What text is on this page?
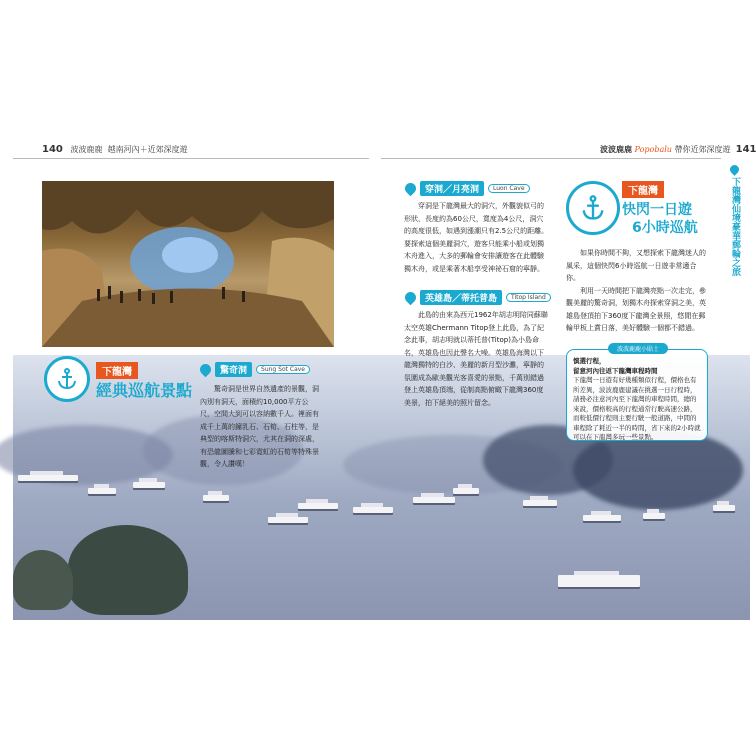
140 波波鹿鹿 越南河內＋近郊深度遊	波波鹿鹿 Popobalu 帶你近郊深度遊 141
下龍灣
經典巡航景點
驚奇洞	Sung Sot Cave

驚奇洞是世界自然遺產的景觀，洞內別有洞天，面積約10,000平方公尺，空間大到可以容納數千人。裡面有成千上萬的鐘乳石、石筍、石柱等，是典型的喀斯特洞穴，尤其在洞的深處，有恐龍圖騰和七彩霓虹的石筍等特殊景觀，令人讚嘆！

穿洞／月亮洞	Luon Cave

穿洞是下龍灣最大的洞穴，外觀貌似弓的形狀，長度約為60公尺，寬度為4公尺，洞穴的高度很低，如遇到漲潮只有2.5公尺的距離。要探索這個美麗洞穴，遊客只能乘小船或划獨木舟進入，大多的郵輪會安排讓遊客在此體驗獨木舟，或是乘著木船享受神祕石窟的寧靜。

英雄島／蒂托普島	Titop Island

此島的由來為西元1962年胡志明陪同蘇聯太空英雄Chermann Titop登上此島，為了紀念此事，胡志明就以蒂托普(Titop)為小島命名，英雄島也因此聲名大噪。英雄島海灣以下龍灣獨特的白沙、美麗的新月型沙灘，寧靜的氛圍成為歐美觀光客喜愛的景點，千萬別錯過登上英雄島頂端，從制高點俯瞰下龍灣360度美景，拍下絕美的照片留念。

下龍灣
快閃一日遊
6小時巡航

如果你時間不夠，又想探索下龍灣迷人的風采，這個快閃6小時巡航一日遊非常適合你。

利用一天時間把下龍灣亮點一次走完，參觀美麗的驚奇洞，划獨木舟探索穿洞之美，英雄島登頂拍下360度下龍灣全景照，悠閒在郵輪甲板上賞日落，美好體驗一個都不錯過。

慎選行程，
留意河內往返下龍灣車程時間
下龍灣一日遊有好幾種類似行程，價格也有所差異，波波鹿鹿建議在挑選一日行程時，請務必注意河內至下龍灣的車程時間，總的來說，價格較高的行程通常行駛高速公路，而較低價行程則主要行駛一般道路，中間的車程除了耗近一半的時間，省下來的2小時就可以在下龍灣多玩一些景點。
波波鹿鹿小貼士
下龍灣仙境豪華郵輪之旅
